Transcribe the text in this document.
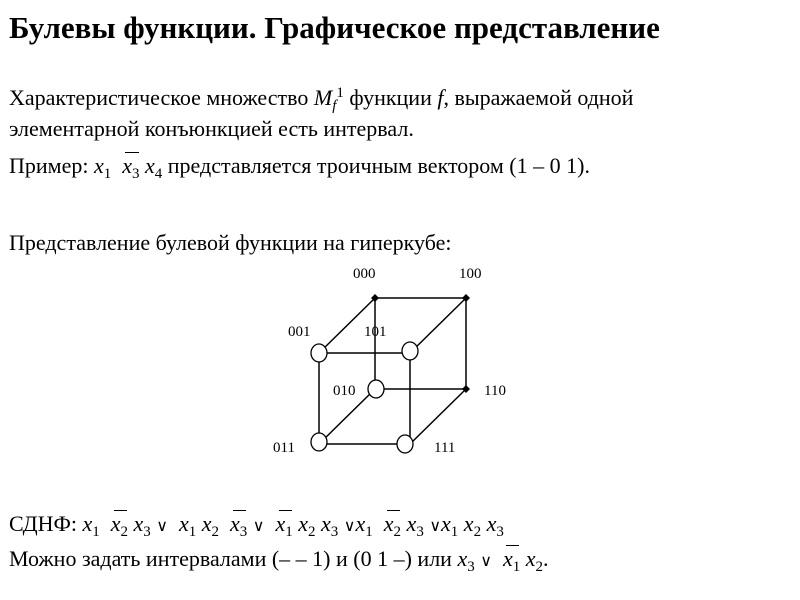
Булевы функции. Графическое представление
Характеристическое множество $M_f^1$ функции f, выражаемой одной
элементарной конъюнкцией есть интервал.
Пример: $x_1$ $x_3$ $x_4$ представляется троичным вектором (1 – 0 1).
Представление булевой функции на гиперкубе:
000	100
001	101
010	110
011	111
СДНФ: $x_1$ $x_2$ $x_3$ ∨ $x_1$ $x_2$ $x_3$ ∨ $x_1$ $x_2$ $x_3$ $\vee x_1$ $x_2$ $x_3$ $\vee x_1$ $x_2$ $x_3$
Можно задать интервалами (– – 1) и (0 1 –) или $x_3$ ∨ $x_1$ $x_2$.
